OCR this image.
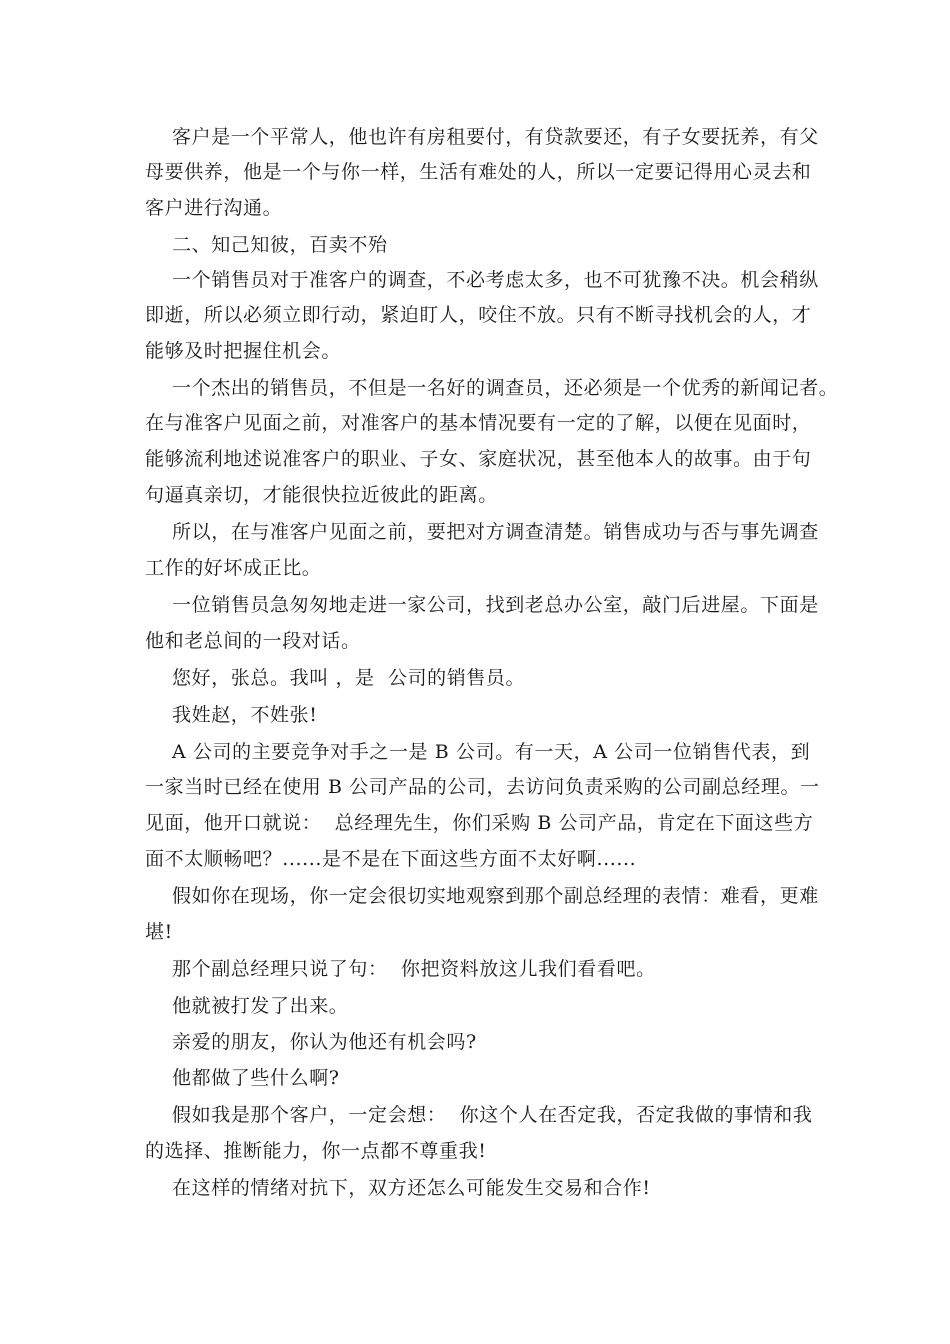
客户是一个平常人，他也许有房租要付，有贷款要还，有子女要抚养，有父
母要供养，他是一个与你一样，生活有难处的人，所以一定要记得用心灵去和
客户进行沟通。
二、知己知彼，百卖不殆
一个销售员对于准客户的调查，不必考虑太多，也不可犹豫不决。机会稍纵
即逝，所以必须立即行动，紧迫盯人，咬住不放。只有不断寻找机会的人，才
能够及时把握住机会。
一个杰出的销售员，不但是一名好的调查员，还必须是一个优秀的新闻记者。
在与准客户见面之前，对准客户的基本情况要有一定的了解，以便在见面时，
能够流利地述说准客户的职业、子女、家庭状况，甚至他本人的故事。由于句
句逼真亲切，才能很快拉近彼此的距离。
所以，在与准客户见面之前，要把对方调查清楚。销售成功与否与事先调查
工作的好坏成正比。
一位销售员急匆匆地走进一家公司，找到老总办公室，敲门后进屋。下面是
他和老总间的一段对话。
您好，张总。我叫 ，是  公司的销售员。
我姓赵，不姓张!
A 公司的主要竞争对手之一是 B 公司。有一天，A 公司一位销售代表，到
一家当时已经在使用 B 公司产品的公司，去访问负责采购的公司副总经理。一
见面，他开口就说：  总经理先生，你们采购 B 公司产品，肯定在下面这些方
面不太顺畅吧？......是不是在下面这些方面不太好啊......
假如你在现场，你一定会很切实地观察到那个副总经理的表情：难看，更难
堪!
那个副总经理只说了句：  你把资料放这儿我们看看吧。
他就被打发了出来。
亲爱的朋友，你认为他还有机会吗?
他都做了些什么啊?
假如我是那个客户，一定会想：  你这个人在否定我，否定我做的事情和我
的选择、推断能力，你一点都不尊重我!
在这样的情绪对抗下，双方还怎么可能发生交易和合作!
